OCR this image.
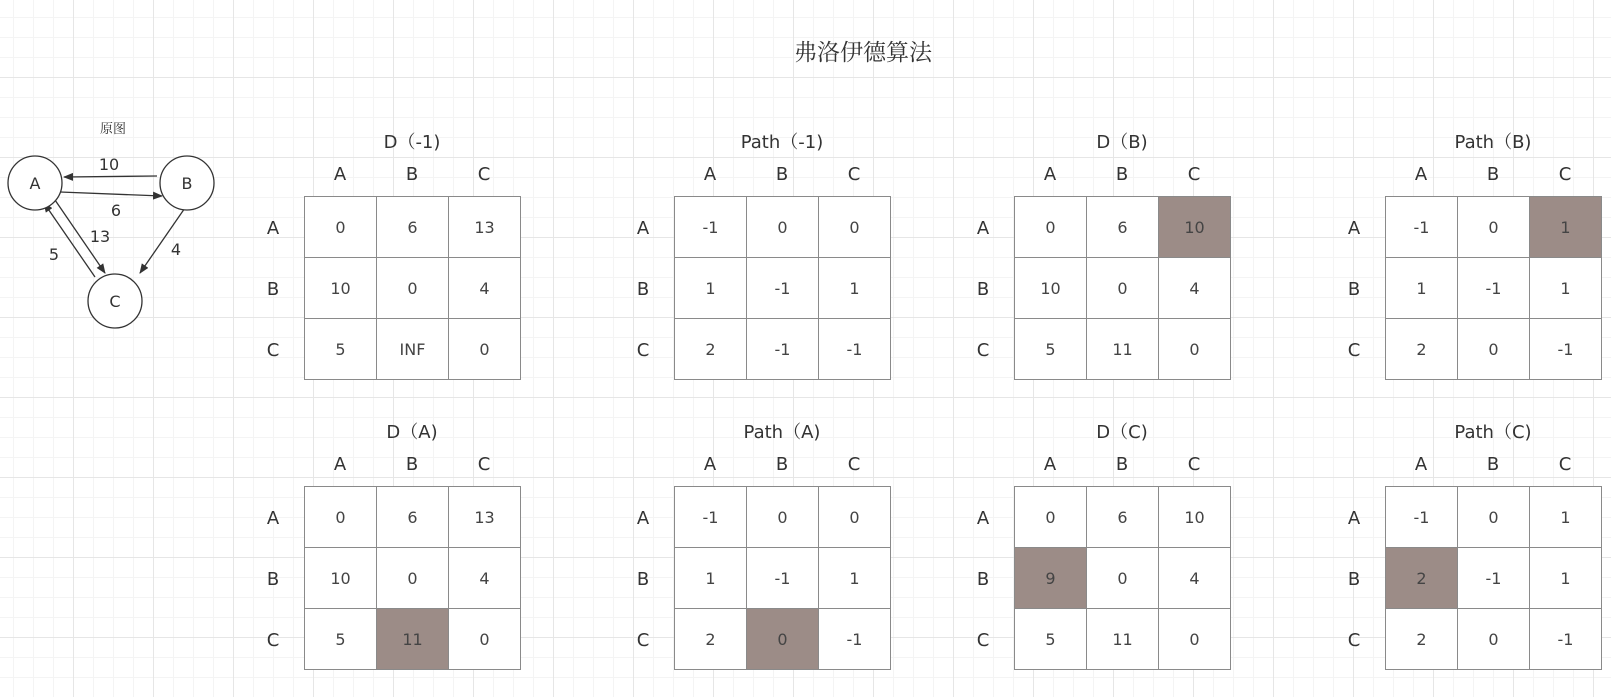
弗洛伊德算法
原图
10
6
13
5	4
A	B
C
D（-1)
A	B	C
A
B
C
0	6	13
10	0	4
5	INF	0
Path（-1)
A	B	C
A
B
C
-1	0	0
1	-1	1
2	-1	-1
D（B)
A	B	C
A
B
C
0	6	10
10	0	4
5	11	0
Path（B)
A	B	C
A
B
C
-1	0	1
1	-1	1
2	0	-1
D（A)
A	B	C
A
B
C
0	6	13
10	0	4
5	11	0
Path（A)
A	B	C
A
B
C
-1	0	0
1	-1	1
2	0	-1
D（C)
A	B	C
A
B
C
0	6	10
9	0	4
5	11	0
Path（C)
A	B	C
A
B
C
-1	0	1
2	-1	1
2	0	-1
